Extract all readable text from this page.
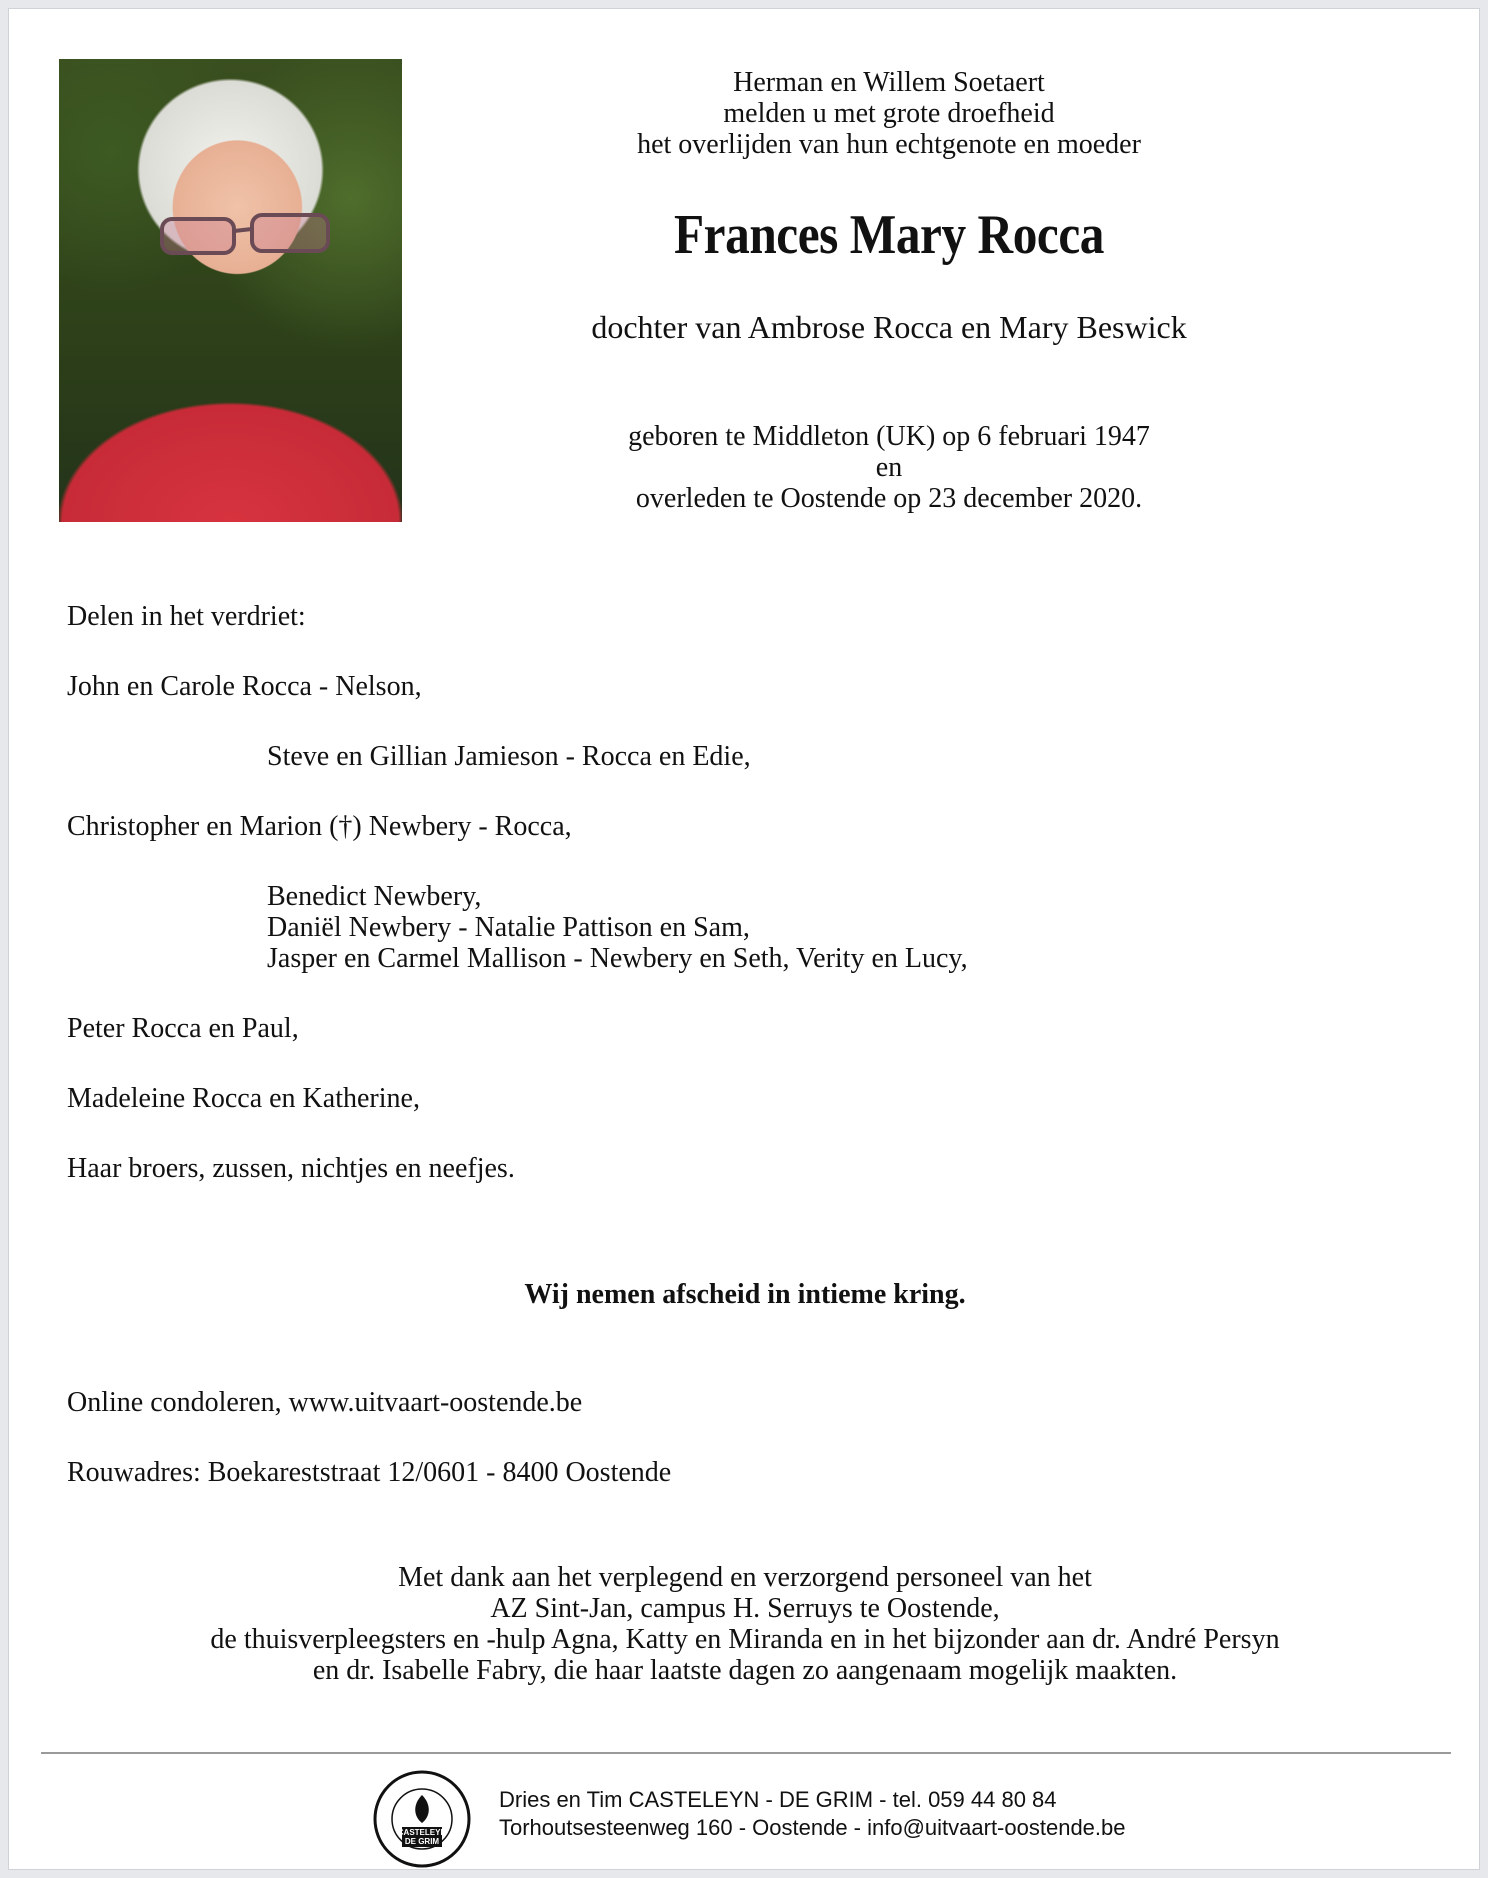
Herman en Willem Soetaert
melden u met grote droefheid
het overlijden van hun echtgenote en moeder
Frances Mary Rocca
dochter van Ambrose Rocca en Mary Beswick
geboren te Middleton (UK) op 6 februari 1947
en
overleden te Oostende op 23 december 2020.
Delen in het verdriet:
John en Carole Rocca - Nelson,
Steve en Gillian Jamieson - Rocca en Edie,
Christopher en Marion (†) Newbery - Rocca,
Benedict Newbery,
Daniël Newbery - Natalie Pattison en Sam,
Jasper en Carmel Mallison - Newbery en Seth, Verity en Lucy,
Peter Rocca en Paul,
Madeleine Rocca en Katherine,
Haar broers, zussen, nichtjes en neefjes.
Wij nemen afscheid in intieme kring.
Online condoleren, www.uitvaart-oostende.be
Rouwadres: Boekareststraat 12/0601 - 8400 Oostende
Met dank aan het verplegend en verzorgend personeel van het
AZ Sint-Jan, campus H. Serruys te Oostende,
de thuisverpleegsters en -hulp Agna, Katty en Miranda en in het bijzonder aan dr. André Persyn
en dr. Isabelle Fabry, die haar laatste dagen zo aangenaam mogelijk maakten.
CASTELEYN
DE GRIM
Dries en Tim CASTELEYN - DE GRIM - tel. 059 44 80 84
Torhoutsesteenweg 160 - Oostende - info@uitvaart-oostende.be
